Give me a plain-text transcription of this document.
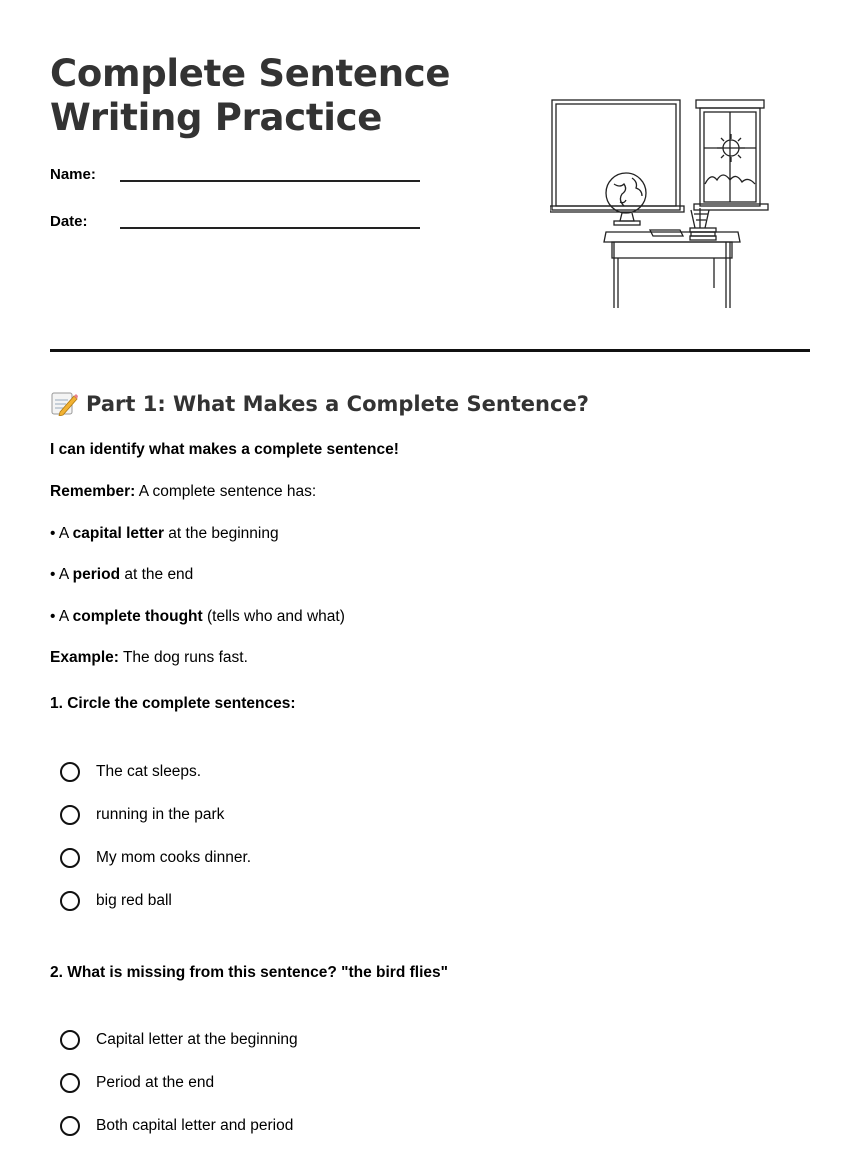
Complete Sentence
Writing Practice
Name:
Date:
Part 1: What Makes a Complete Sentence?
I can identify what makes a complete sentence!
Remember: A complete sentence has:
• A capital letter at the beginning
• A period at the end
• A complete thought (tells who and what)
Example: The dog runs fast.
1. Circle the complete sentences:
The cat sleeps.
running in the park
My mom cooks dinner.
big red ball
2. What is missing from this sentence? "the bird flies"
Capital letter at the beginning
Period at the end
Both capital letter and period
